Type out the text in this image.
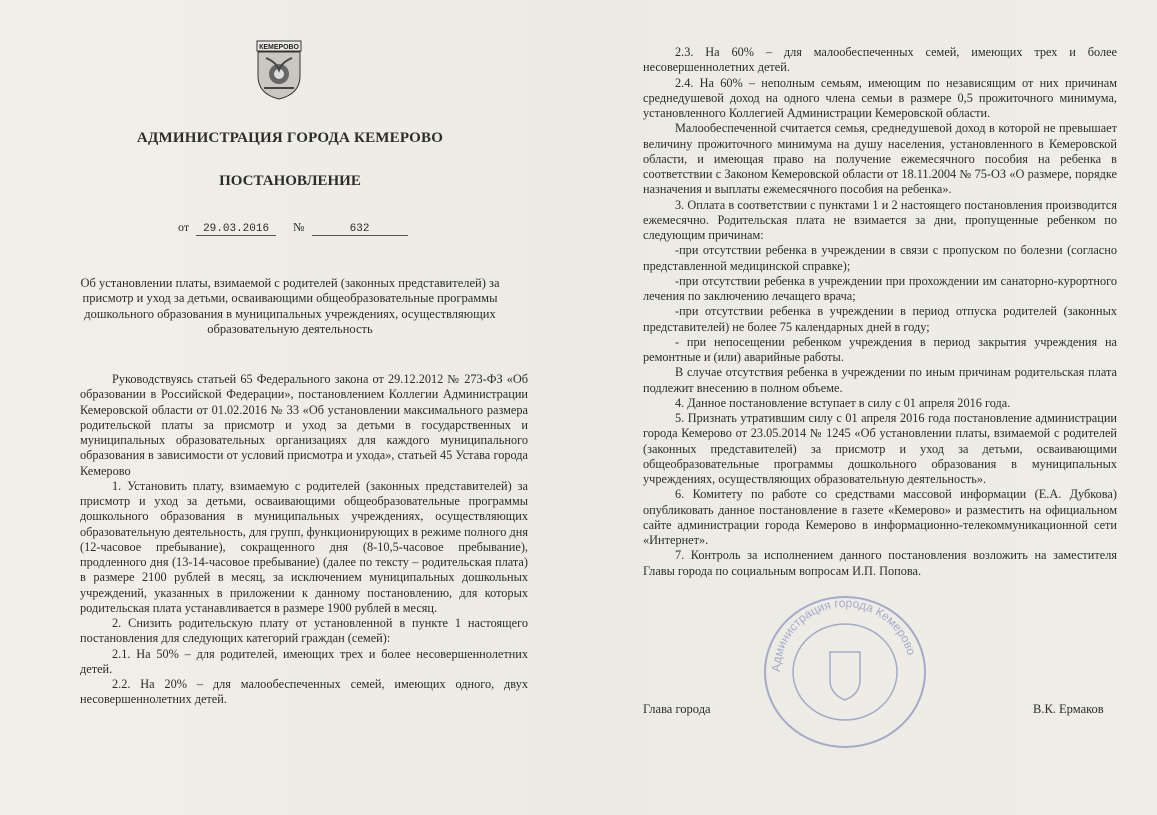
КЕМЕРОВО
АДМИНИСТРАЦИЯ ГОРОДА КЕМЕРОВО
ПОСТАНОВЛЕНИЕ
от 29.03.2016 №	632
Об установлении платы, взимаемой с родителей (законных представителей) за присмотр и уход за детьми, осваивающими общеобразовательные программы дошкольного образования в муниципальных учреждениях, осуществляющих образовательную деятельность

Руководствуясь статьей 65 Федерального закона от 29.12.2012 № 273-ФЗ «Об образовании в Российской Федерации», постановлением Коллегии Администрации Кемеровской области от 01.02.2016 № 33 «Об установлении максимального размера родительской платы за присмотр и уход за детьми в государственных и муниципальных образовательных организациях для каждого муниципального образования в зависимости от условий присмотра и ухода», статьей 45 Устава города Кемерово

1. Установить плату, взимаемую с родителей (законных представителей) за присмотр и уход за детьми, осваивающими общеобразовательные программы дошкольного образования в муниципальных учреждениях, осуществляющих образовательную деятельность, для групп, функционирующих в режиме полного дня (12-часовое пребывание), сокращенного дня (8-10,5-часовое пребывание), продленного дня (13-14-часовое пребывание) (далее по тексту – родительская плата) в размере 2100 рублей в месяц, за исключением муниципальных дошкольных учреждений, указанных в приложении к данному постановлению, для которых родительская плата устанавливается в размере 1900 рублей в месяц.

2. Снизить родительскую плату от установленной в пункте 1 настоящего постановления для следующих категорий граждан (семей):

2.1. На 50% – для родителей, имеющих трех и более несовершеннолетних детей.

2.2. На 20% – для малообеспеченных семей, имеющих одного, двух несовершеннолетних детей.

2.3. На 60% – для малообеспеченных семей, имеющих трех и более несовершеннолетних детей.

2.4. На 60% – неполным семьям, имеющим по независящим от них причинам среднедушевой доход на одного члена семьи в размере 0,5 прожиточного минимума, установленного Коллегией Администрации Кемеровской области.

Малообеспеченной считается семья, среднедушевой доход в которой не превышает величину прожиточного минимума на душу населения, установленного в Кемеровской области, и имеющая право на получение ежемесячного пособия на ребенка в соответствии с Законом Кемеровской области от 18.11.2004 № 75-ОЗ «О размере, порядке назначения и выплаты ежемесячного пособия на ребенка».

3. Оплата в соответствии с пунктами 1 и 2 настоящего постановления производится ежемесячно. Родительская плата не взимается за дни, пропущенные ребенком по следующим причинам:

-при отсутствии ребенка в учреждении в связи с пропуском по болезни (согласно представленной медицинской справке);

-при отсутствии ребенка в учреждении при прохождении им санаторно-курортного лечения по заключению лечащего врача;

-при отсутствии ребенка в учреждении в период отпуска родителей (законных представителей) не более 75 календарных дней в году;

- при непосещении ребенком учреждения в период закрытия учреждения на ремонтные и (или) аварийные работы.

В случае отсутствия ребенка в учреждении по иным причинам родительская плата подлежит внесению в полном объеме.

4. Данное постановление вступает в силу с 01 апреля 2016 года.

5. Признать утратившим силу с 01 апреля 2016 года постановление администрации города Кемерово от 23.05.2014 № 1245 «Об установлении платы, взимаемой с родителей (законных представителей) за присмотр и уход за детьми, осваивающими общеобразовательные программы дошкольного образования в муниципальных учреждениях, осуществляющих образовательную деятельность».

6. Комитету по работе со средствами массовой информации (Е.А. Дубкова) опубликовать данное постановление в газете «Кемерово» и разместить на официальном сайте администрации города Кемерово в информационно-телекоммуникационной сети «Интернет».

7. Контроль за исполнением данного постановления возложить на заместителя Главы города по социальным вопросам И.П. Попова.

Администрация города Кемерово
Глава города	В.К. Ермаков
